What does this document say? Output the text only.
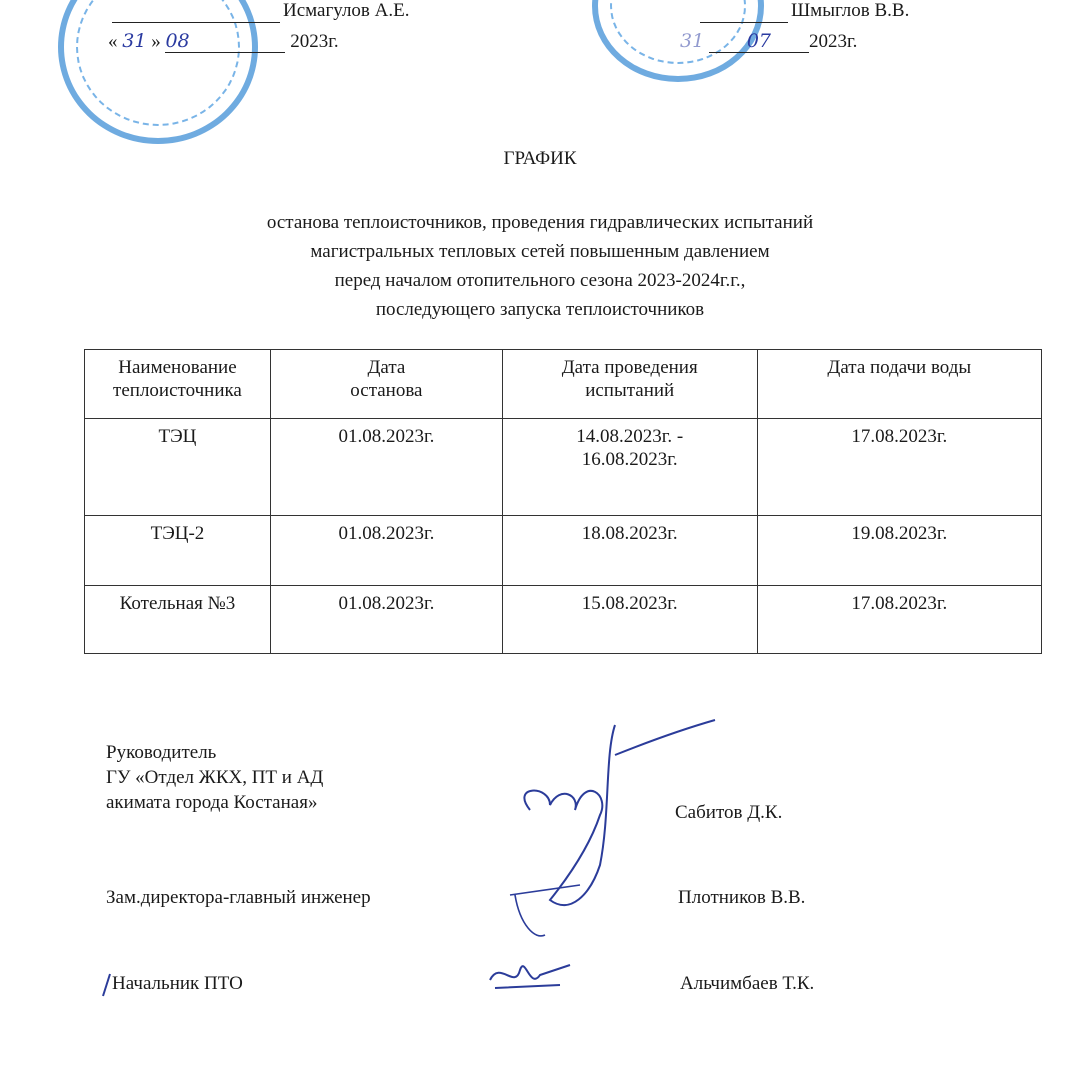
Исмагулов А.Е.
« 31 » 08	2023г.
Шмыглов В.В.
31 07 2023г.
ГРАФИК
останова теплоисточников, проведения гидравлических испытаний
магистральных тепловых сетей повышенным давлением
перед началом отопительного сезона 2023-2024г.г.,
последующего запуска теплоисточников
Наименование теплоисточника	Дата останова	Дата проведения испытаний	Дата подачи воды
ТЭЦ	01.08.2023г.	14.08.2023г. - 16.08.2023г.	17.08.2023г.
ТЭЦ-2	01.08.2023г.	18.08.2023г.	19.08.2023г.
Котельная №3	01.08.2023г.	15.08.2023г.	17.08.2023г.
Руководитель
ГУ «Отдел ЖКХ, ПТ и АД
акимата города Костаная»	Сабитов Д.К.
Зам.директора-главный инженер	Плотников В.В.
Начальник ПТО	Альчимбаев Т.К.
